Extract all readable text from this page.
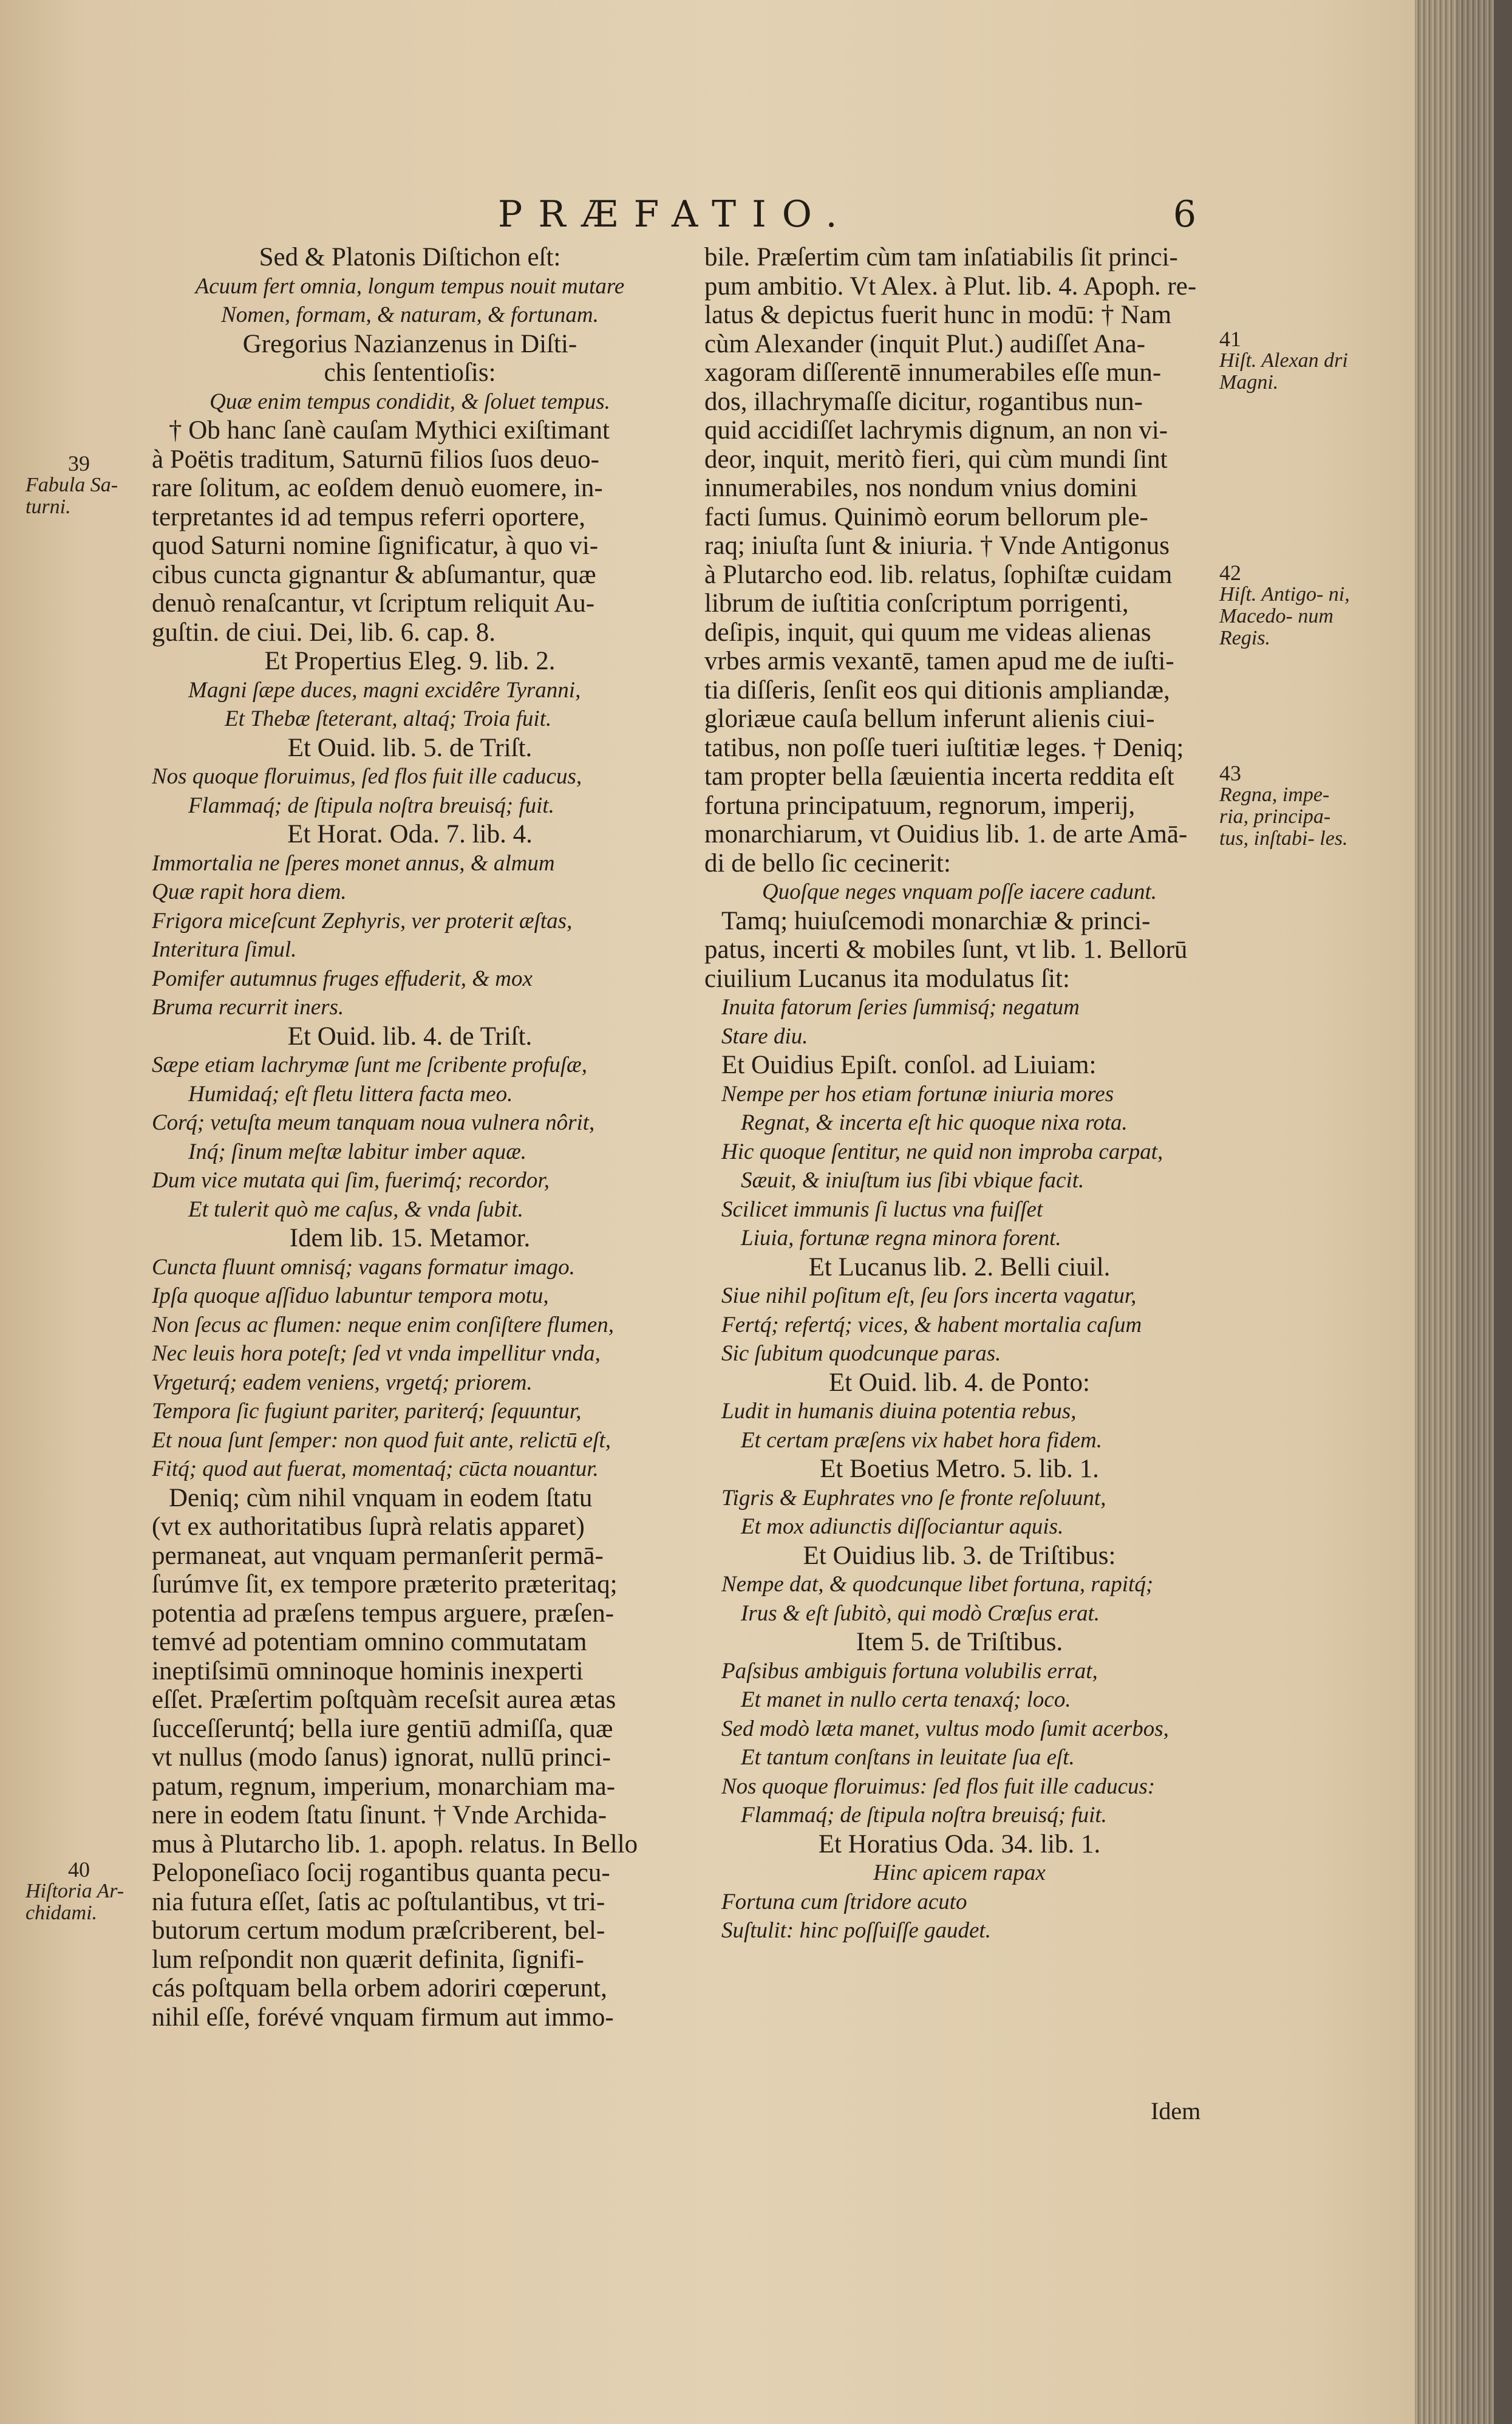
PRÆFATIO.	6
Sed & Platonis Diſtichon eſt:
Acuum fert omnia, longum tempus nouit mutare
Nomen, formam, & naturam, & fortunam.
Gregorius Nazianzenus in Diſti-
chis ſententioſis:
Quæ enim tempus condidit, & ſoluet tempus.
† Ob hanc ſanè cauſam Mythici exiſtimant
à Poëtis traditum, Saturnū filios ſuos deuo-
rare ſolitum, ac eoſdem denuò euomere, in-
terpretantes id ad tempus referri oportere,
quod Saturni nomine ſignificatur, à quo vi-
cibus cuncta gignantur & abſumantur, quæ
denuò renaſcantur, vt ſcriptum reliquit Au-
guſtin. de ciui. Dei, lib. 6. cap. 8.
Et Propertius Eleg. 9. lib. 2.
Magni ſæpe duces, magni excidêre Tyranni,
Et Thebæ ſteterant, altaq́; Troia fuit.
Et Ouid. lib. 5. de Triſt.
Nos quoque floruimus, ſed flos fuit ille caducus,
Flammaq́; de ſtipula noſtra breuisq́; fuit.
Et Horat. Oda. 7. lib. 4.
Immortalia ne ſperes monet annus, & almum
Quæ rapit hora diem.
Frigora miceſcunt Zephyris, ver proterit æſtas,
Interitura ſimul.
Pomifer autumnus fruges effuderit, & mox
Bruma recurrit iners.
Et Ouid. lib. 4. de Triſt.
Sæpe etiam lachrymæ ſunt me ſcribente profuſæ,
Humidaq́; eſt fletu littera facta meo.
Corq́; vetuſta meum tanquam noua vulnera nôrit,
Inq́; ſinum meſtæ labitur imber aquæ.
Dum vice mutata qui ſim, fuerimq́; recordor,
Et tulerit quò me caſus, & vnda ſubit.
Idem lib. 15. Metamor.
Cuncta fluunt omnisq́; vagans formatur imago.
Ipſa quoque aſſiduo labuntur tempora motu,
Non ſecus ac flumen: neque enim conſiſtere flumen,
Nec leuis hora poteſt; ſed vt vnda impellitur vnda,
Vrgeturq́; eadem veniens, vrgetq́; priorem.
Tempora ſic fugiunt pariter, pariterq́; ſequuntur,
Et noua ſunt ſemper: non quod fuit ante, relictū eſt,
Fitq́; quod aut fuerat, momentaq́; cūcta nouantur.
Deniq; cùm nihil vnquam in eodem ſtatu
(vt ex authoritatibus ſuprà relatis apparet)
permaneat, aut vnquam permanſerit permā-
ſurúmve ſit, ex tempore præterito præteritaq;
potentia ad præſens tempus arguere, præſen-
temvé ad potentiam omnino commutatam
ineptiſsimū omninoque hominis inexperti
eſſet. Præſertim poſtquàm receſsit aurea ætas
ſucceſſeruntq́; bella iure gentiū admiſſa, quæ
vt nullus (modo ſanus) ignorat, nullū princi-
patum, regnum, imperium, monarchiam ma-
nere in eodem ſtatu ſinunt. † Vnde Archida-
mus à Plutarcho lib. 1. apoph. relatus. In Bello
Peloponeſiaco ſocij rogantibus quanta pecu-
nia futura eſſet, ſatis ac poſtulantibus, vt tri-
butorum certum modum præſcriberent, bel-
lum reſpondit non quærit definita, ſignifi-
cás poſtquam bella orbem adoriri cœperunt,
nihil eſſe, forévé vnquam firmum aut immo-
bile. Præſertim cùm tam inſatiabilis ſit princi-
pum ambitio. Vt Alex. à Plut. lib. 4. Apoph. re-
latus & depictus fuerit hunc in modū: † Nam
cùm Alexander (inquit Plut.) audiſſet Ana-
xagoram diſſerentē innumerabiles eſſe mun-
dos, illachrymaſſe dicitur, rogantibus nun-
quid accidiſſet lachrymis dignum, an non vi-
deor, inquit, meritò fieri, qui cùm mundi ſint
innumerabiles, nos nondum vnius domini
facti ſumus. Quinimò eorum bellorum ple-
raq; iniuſta ſunt & iniuria. † Vnde Antigonus
à Plutarcho eod. lib. relatus, ſophiſtæ cuidam
librum de iuſtitia conſcriptum porrigenti,
deſipis, inquit, qui quum me videas alienas
vrbes armis vexantē, tamen apud me de iuſti-
tia diſſeris, ſenſit eos qui ditionis ampliandæ,
gloriæue cauſa bellum inferunt alienis ciui-
tatibus, non poſſe tueri iuſtitiæ leges. † Deniq;
tam propter bella ſæuientia incerta reddita eſt
fortuna principatuum, regnorum, imperij,
monarchiarum, vt Ouidius lib. 1. de arte Amā-
di de bello ſic cecinerit:
Quoſque neges vnquam poſſe iacere cadunt.
Tamq; huiuſcemodi monarchiæ & princi-
patus, incerti & mobiles ſunt, vt lib. 1. Bellorū
ciuilium Lucanus ita modulatus ſit:
Inuita fatorum ſeries ſummisq́; negatum
Stare diu.
Et Ouidius Epiſt. conſol. ad Liuiam:
Nempe per hos etiam fortunæ iniuria mores
Regnat, & incerta eſt hic quoque nixa rota.
Hic quoque ſentitur, ne quid non improba carpat,
Sæuit, & iniuſtum ius ſibi vbique facit.
Scilicet immunis ſi luctus vna fuiſſet
Liuia, fortunæ regna minora forent.
Et Lucanus lib. 2. Belli ciuil.
Siue nihil poſitum eſt, ſeu ſors incerta vagatur,
Fertq́; refertq́; vices, & habent mortalia caſum
Sic ſubitum quodcunque paras.
Et Ouid. lib. 4. de Ponto:
Ludit in humanis diuina potentia rebus,
Et certam præſens vix habet hora fidem.
Et Boetius Metro. 5. lib. 1.
Tigris & Euphrates vno ſe fronte reſoluunt,
Et mox adiunctis diſſociantur aquis.
Et Ouidius lib. 3. de Triſtibus:
Nempe dat, & quodcunque libet fortuna, rapitq́;
Irus & eſt ſubitò, qui modò Crœſus erat.
Item 5. de Triſtibus.
Paſsibus ambiguis fortuna volubilis errat,
Et manet in nullo certa tenaxq́; loco.
Sed modò læta manet, vultus modo ſumit acerbos,
Et tantum conſtans in leuitate ſua eſt.
Nos quoque floruimus: ſed flos fuit ille caducus:
Flammaq́; de ſtipula noſtra breuisq́; fuit.
Et Horatius Oda. 34. lib. 1.
Hinc apicem rapax
Fortuna cum ſtridore acuto
Suſtulit: hinc poſſuiſſe gaudet.
39
Fabula Sa- turni.
40
Hiſtoria Ar- chidami.
41
Hiſt. Alexan dri Magni.
42
Hiſt. Antigo- ni, Macedo- num Regis.
43
Regna, impe- ria, principa- tus, inſtabi- les.
Idem
